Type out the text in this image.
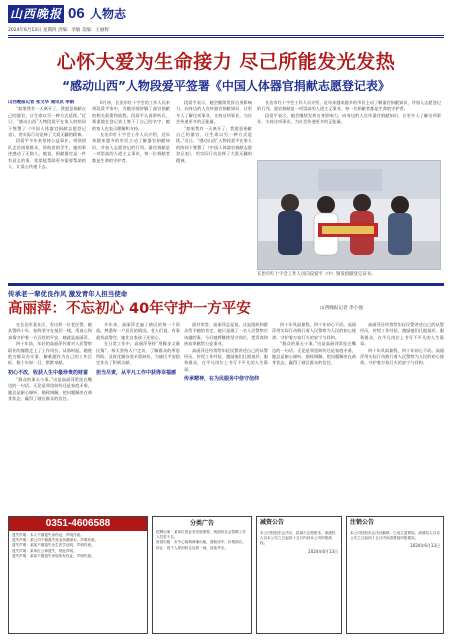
山西晚报 06 人物志
2024年6月13日 星期四 责编：李敏 美编：王丽辉
心怀大爱为生命接力 尽己所能发光发热
“感动山西”人物段爱平签署《中国人体器官捐献志愿登记表》
山西晚报记者 张文华 通讯员 李娟
“如果我有一天离开了，我愿意捐献自己的器官，让生命以另一种方式延续。”近日，“感动山西”人物段爱平在家人的陪同下签署了《中国人体器官捐献志愿登记表》，用实际行动诠释了大爱无疆的精神。
段爱平多年来坚持公益事业，带领团队走访困难群众、资助贫困学生，她的事迹感动了无数人。她说，捐献器官是一件有意义的事，希望能帮助更多需要帮助的人，让爱心传递下去。
6月初，长治市红十字会的工作人员来到段爱平家中，为她详细讲解了器官捐献的相关政策和流程。段爱平认真聆听后，郑重地在登记表上签下了自己的名字，她的家人也表示理解和支持。
长治市红十字会工作人员介绍，近年来越来越多的市民主动了解器官捐献知识，并加入志愿登记的行列。器官捐献是一项崇高的人道主义事业，每一位捐献者都是生命的守护者。
段爱平表示，她会继续发挥自身影响力，向身边的人宣传器官捐献知识，让更多人了解这项事业、支持这项事业，为社会传递更多的正能量。
“如果我有一天离开了，我愿意捐献自己的器官，让生命以另一种方式延续。”近日，“感动山西”人物段爱平在家人的陪同下签署了《中国人体器官捐献志愿登记表》，用实际行动诠释了大爱无疆的精神。
长治市红十字会工作人员介绍，近年来越来越多的市民主动了解器官捐献知识，并加入志愿登记的行列。器官捐献是一项崇高的人道主义事业，每一位捐献者都是生命的守护者。
段爱平表示，她会继续发挥自身影响力，向身边的人宣传器官捐献知识，让更多人了解这项事业、支持这项事业，为社会传递更多的正能量。
长治市红十字会工作人员向段爱平（中）颁发捐献登记证书。
传承老一辈优良作风 激发青年人担当使命
高丽萍：不忘初心 40年守护一方平安	山西晚报记者 李小强
在长治市某社区，有这样一位老民警，她从警四十年，始终坚守在基层一线，用真心和真情守护着一方百姓的平安，她就是高丽萍。
四十年前，年轻的高丽萍怀着对人民警察职业的憧憬走上了工作岗位。从那时起，她便把为群众办实事、解难题作为自己的工作目标，数十年如一日，默默奉献。
初心不改，收获人生中最珍贵的财富
“群众的事无小事。”这是高丽萍常挂在嘴边的一句话。无论是邻里纠纷还是家庭矛盾，她总是耐心倾听、细致调解，把问题解决在萌芽状态，赢得了辖区群众的信任。
多年来，高丽萍走遍了辖区的每一个角落，熟悉每一户居民的情况。老人们说，有事就找高警官，她比自家孩子还贴心。
在日常工作中，高丽萍坚持“用脚步丈量民情”，每天坚持入户走访，了解群众的所思所盼，及时化解各类矛盾纠纷，为辖区平安稳定作出了积极贡献。
担当尽责，从平凡工作中获得幸福感
面对荣誉，高丽萍总是说，这是组织和群众给予她的肯定，她只是做了一名人民警察应该做的事。今后她将继续坚守岗位，把青春和热血奉献给公安事业。
高丽萍还经常给年轻民警讲述自己的从警经历，传授工作经验，激励他们扎根基层、服务群众，在平凡岗位上书写不平凡的人生篇章。
传承精神，在为民服务中倍守信仰
四十年风雨兼程，四十年初心不改。高丽萍用实际行动践行着人民警察为人民的初心使命，守护着万家灯火的安宁与祥和。
“群众的事无小事。”这是高丽萍常挂在嘴边的一句话。无论是邻里纠纷还是家庭矛盾，她总是耐心倾听、细致调解，把问题解决在萌芽状态，赢得了辖区群众的信任。
高丽萍还经常给年轻民警讲述自己的从警经历，传授工作经验，激励他们扎根基层、服务群众，在平凡岗位上书写不平凡的人生篇章。
四十年风雨兼程，四十年初心不改。高丽萍用实际行动践行着人民警察为人民的初心使命，守护着万家灯火的安宁与祥和。
0351-4606588
遗失声明：本人不慎遗失身份证，声明作废。
遗失声明：某公司不慎遗失营业执照副本，声明作废。
遗失声明：某某不慎遗失出生医学证明，声明作废。
遗失声明：某单位公章遗失，特此声明。
遗失声明：某某不慎遗失房屋所有权证，声明作废。
分类广告
招聘启事：某单位因业务发展需要，现面向社会招聘工作人员若干名。
房屋出租：市中心临街商铺出租，面积适中，价格面议。
转让：因个人原因转让店面一间，设备齐全。
减资公告
本公司经股东会决议，拟减少注册资本，请债权人自本公告之日起四十五日内向本公司申报债权。
2024年6月13日
注销公告
本公司经股东会决议解散，已成立清算组，请债权人自本公告之日起四十五日内向清算组申报债权。
2024年6月13日
